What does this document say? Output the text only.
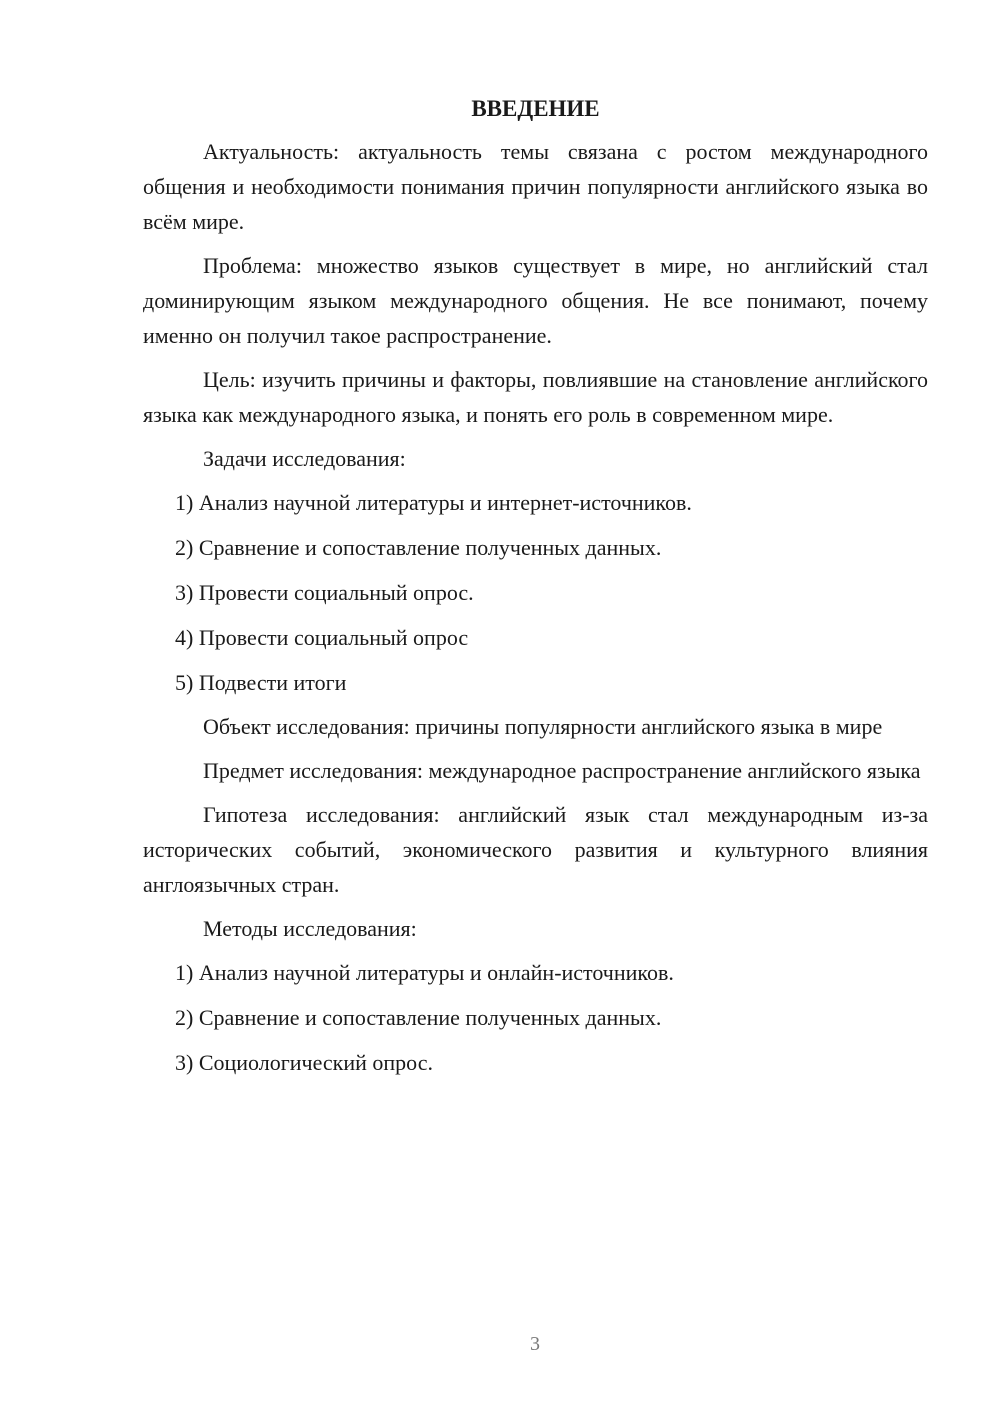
ВВЕДЕНИЕ

Актуальность: актуальность темы связана с ростом международного общения и необходимости понимания причин популярности английского языка во всём мире.

Проблема: множество языков существует в мире, но английский стал доминирующим языком международного общения. Не все понимают, почему именно он получил такое распространение.

Цель: изучить причины и факторы, повлиявшие на становление английского языка как международного языка, и понять его роль в современном мире.

Задачи исследования:
1) Анализ научной литературы и интернет-источников.
2) Сравнение и сопоставление полученных данных.
3) Провести социальный опрос.
4) Провести социальный опрос
5) Подвести итоги

Объект исследования: причины популярности английского языка в мире

Предмет исследования: международное распространение английского языка

Гипотеза исследования: английский язык стал международным из-за исторических событий, экономического развития и культурного влияния англоязычных стран.

Методы исследования:
1) Анализ научной литературы и онлайн-источников.
2) Сравнение и сопоставление полученных данных.
3) Социологический опрос.
3
